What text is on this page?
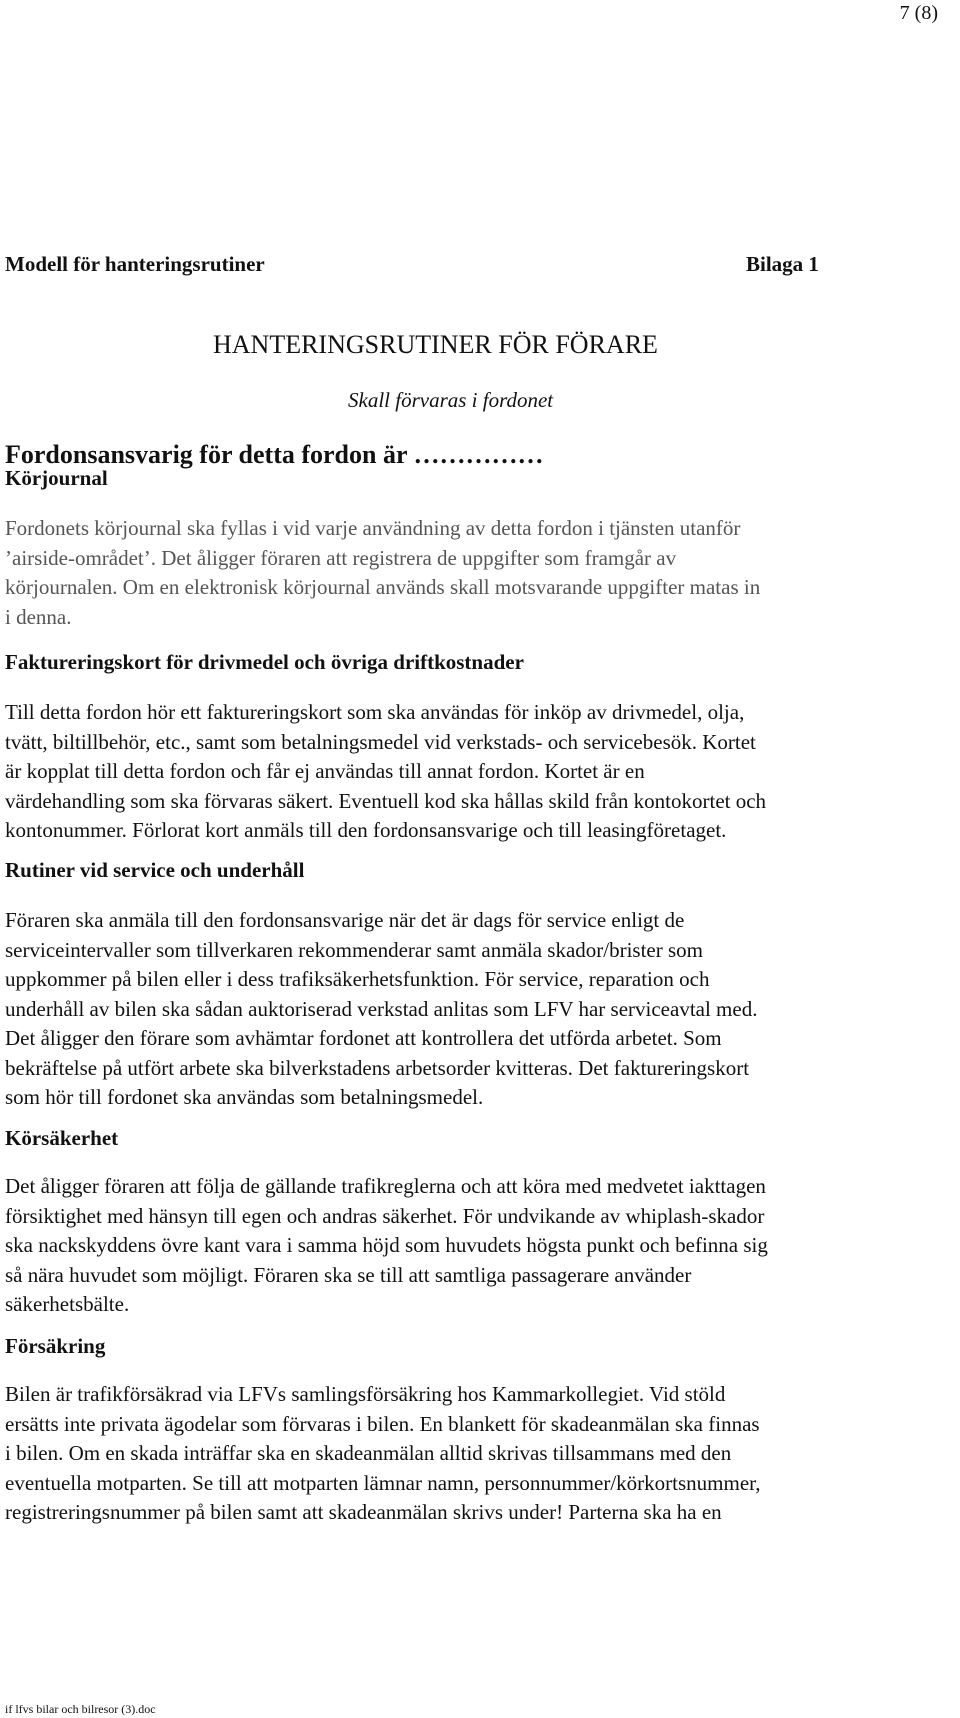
7 (8)
Modell för hanteringsrutiner	Bilaga 1
HANTERINGSRUTINER FÖR FÖRARE
Skall förvaras i fordonet
Fordonsansvarig för detta fordon är ……………
Körjournal
Fordonets körjournal ska fyllas i vid varje användning av detta fordon i tjänsten utanför
’airside-området’. Det åligger föraren att registrera de uppgifter som framgår av
körjournalen. Om en elektronisk körjournal används skall motsvarande uppgifter matas in
i denna.
Faktureringskort för drivmedel och övriga driftkostnader
Till detta fordon hör ett faktureringskort som ska användas för inköp av drivmedel, olja,
tvätt, biltillbehör, etc., samt som betalningsmedel vid verkstads- och servicebesök. Kortet
är kopplat till detta fordon och får ej användas till annat fordon. Kortet är en
värdehandling som ska förvaras säkert. Eventuell kod ska hållas skild från kontokortet och
kontonummer. Förlorat kort anmäls till den fordonsansvarige och till leasingföretaget.
Rutiner vid service och underhåll
Föraren ska anmäla till den fordonsansvarige när det är dags för service enligt de
serviceintervaller som tillverkaren rekommenderar samt anmäla skador/brister som
uppkommer på bilen eller i dess trafiksäkerhetsfunktion. För service, reparation och
underhåll av bilen ska sådan auktoriserad verkstad anlitas som LFV har serviceavtal med.
Det åligger den förare som avhämtar fordonet att kontrollera det utförda arbetet. Som
bekräftelse på utfört arbete ska bilverkstadens arbetsorder kvitteras. Det faktureringskort
som hör till fordonet ska användas som betalningsmedel.
Körsäkerhet
Det åligger föraren att följa de gällande trafikreglerna och att köra med medvetet iakttagen
försiktighet med hänsyn till egen och andras säkerhet. För undvikande av whiplash-skador
ska nackskyddens övre kant vara i samma höjd som huvudets högsta punkt och befinna sig
så nära huvudet som möjligt. Föraren ska se till att samtliga passagerare använder
säkerhetsbälte.
Försäkring
Bilen är trafikförsäkrad via LFVs samlingsförsäkring hos Kammarkollegiet. Vid stöld
ersätts inte privata ägodelar som förvaras i bilen. En blankett för skadeanmälan ska finnas
i bilen. Om en skada inträffar ska en skadeanmälan alltid skrivas tillsammans med den
eventuella motparten. Se till att motparten lämnar namn, personnummer/körkortsnummer,
registreringsnummer på bilen samt att skadeanmälan skrivs under! Parterna ska ha en
if lfvs bilar och bilresor (3).doc
